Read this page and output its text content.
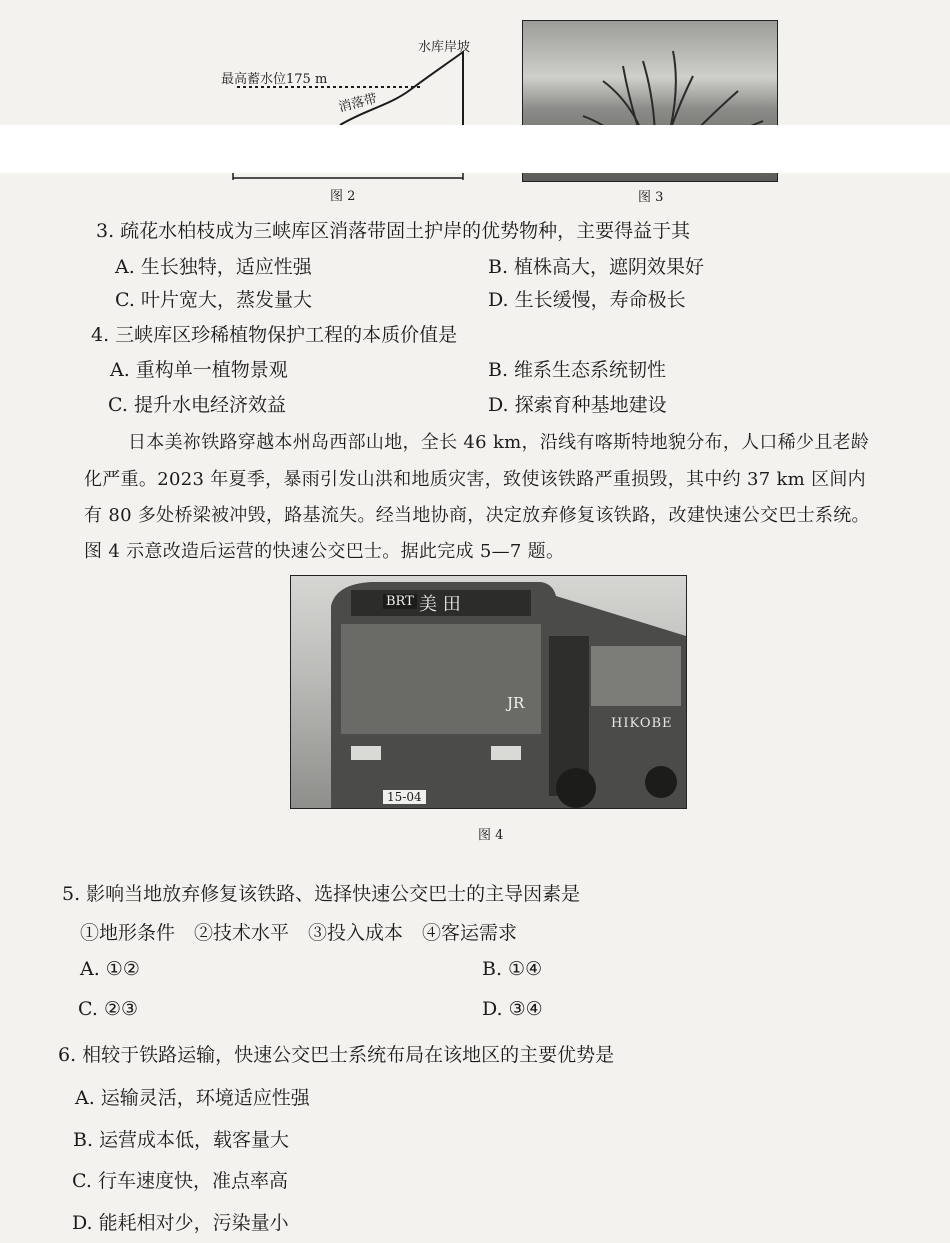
水库岸坡
最高蓄水位175 m
消落带
图 2	图 3
3. 疏花水柏枝成为三峡库区消落带固土护岸的优势物种，主要得益于其
A. 生长独特，适应性强	B. 植株高大，遮阴效果好
C. 叶片宽大，蒸发量大	D. 生长缓慢，寿命极长
4. 三峡库区珍稀植物保护工程的本质价值是
A. 重构单一植物景观	B. 维系生态系统韧性
C. 提升水电经济效益	D. 探索育种基地建设
日本美祢铁路穿越本州岛西部山地，全长 46 km，沿线有喀斯特地貌分布，人口稀少且老龄
化严重。2023 年夏季，暴雨引发山洪和地质灾害，致使该铁路严重损毁，其中约 37 km 区间内
有 80 多处桥梁被冲毁，路基流失。经当地协商，决定放弃修复该铁路，改建快速公交巴士系统。
图 4 示意改造后运营的快速公交巴士。据此完成 5—7 题。
BRT 美 田
JR
HIKOBE
15-04
图 4
5. 影响当地放弃修复该铁路、选择快速公交巴士的主导因素是
①地形条件　②技术水平　③投入成本　④客运需求
A. ①②	B. ①④
C. ②③	D. ③④
6. 相较于铁路运输，快速公交巴士系统布局在该地区的主要优势是
A. 运输灵活，环境适应性强
B. 运营成本低，载客量大
C. 行车速度快，准点率高
D. 能耗相对少，污染量小
